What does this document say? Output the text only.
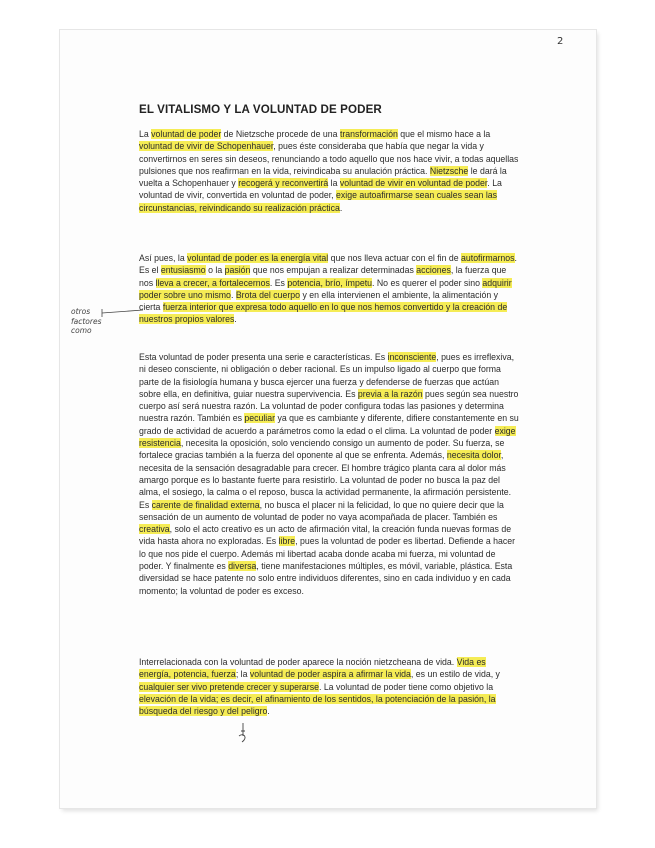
2
EL VITALISMO Y LA VOLUNTAD DE PODER

La voluntad de poder de Nietzsche procede de una transformación que el mismo hace a la voluntad de vivir de Schopenhauer, pues éste consideraba que había que negar la vida y convertirnos en seres sin deseos, renunciando a todo aquello que nos hace vivir, a todas aquellas pulsiones que nos reafirman en la vida, reivindicaba su anulación práctica. Nietzsche le dará la vuelta a Schopenhauer y recogerá y reconvertirá la voluntad de vivir en voluntad de poder. La voluntad de vivir, convertida en voluntad de poder, exige autoafirmarse sean cuales sean las circunstancias, reivindicando su realización práctica.

Así pues, la voluntad de poder es la energía vital que nos lleva actuar con el fin de autofirmarnos. Es el entusiasmo o la pasión que nos empujan a realizar determinadas acciones, la fuerza que nos lleva a crecer, a fortalecernos. Es potencia, brío, ímpetu. No es querer el poder sino adquirir poder sobre uno mismo. Brota del cuerpo y en ella intervienen el ambiente, la alimentación y cierta fuerza interior que expresa todo aquello en lo que nos hemos convertido y la creación de nuestros propios valores.

Esta voluntad de poder presenta una serie e características. Es inconsciente, pues es irreflexiva, ni deseo consciente, ni obligación o deber racional. Es un impulso ligado al cuerpo que forma parte de la fisiología humana y busca ejercer una fuerza y defenderse de fuerzas que actúan sobre ella, en definitiva, guiar nuestra supervivencia. Es previa a la razón pues según sea nuestro cuerpo así será nuestra razón. La voluntad de poder configura todas las pasiones y determina nuestra razón. También es peculiar ya que es cambiante y diferente, difiere constantemente en su grado de actividad de acuerdo a parámetros como la edad o el clima. La voluntad de poder exige resistencia, necesita la oposición, solo venciendo consigo un aumento de poder. Su fuerza, se fortalece gracias también a la fuerza del oponente al que se enfrenta. Además, necesita dolor, necesita de la sensación desagradable para crecer. El hombre trágico planta cara al dolor más amargo porque es lo bastante fuerte para resistirlo. La voluntad de poder no busca la paz del alma, el sosiego, la calma o el reposo, busca la actividad permanente, la afirmación persistente. Es carente de finalidad externa, no busca el placer ni la felicidad, lo que no quiere decir que la sensación de un aumento de voluntad de poder no vaya acompañada de placer. También es creativa, solo el acto creativo es un acto de afirmación vital, la creación funda nuevas formas de vida hasta ahora no exploradas. Es libre, pues la voluntad de poder es libertad. Defiende a hacer lo que nos pide el cuerpo. Además mi libertad acaba donde acaba mi fuerza, mi voluntad de poder. Y finalmente es diversa, tiene manifestaciones múltiples, es móvil, variable, plástica. Esta diversidad se hace patente no solo entre individuos diferentes, sino en cada individuo y en cada momento; la voluntad de poder es exceso.

Interrelacionada con la voluntad de poder aparece la noción nietzcheana de vida. Vida es energía, potencia, fuerza; la voluntad de poder aspira a afirmar la vida, es un estilo de vida, y cualquier ser vivo pretende crecer y superarse. La voluntad de poder tiene como objetivo la elevación de la vida; es decir, el afinamiento de los sentidos, la potenciación de la pasión, la búsqueda del riesgo y del peligro.

otros
factores
como
